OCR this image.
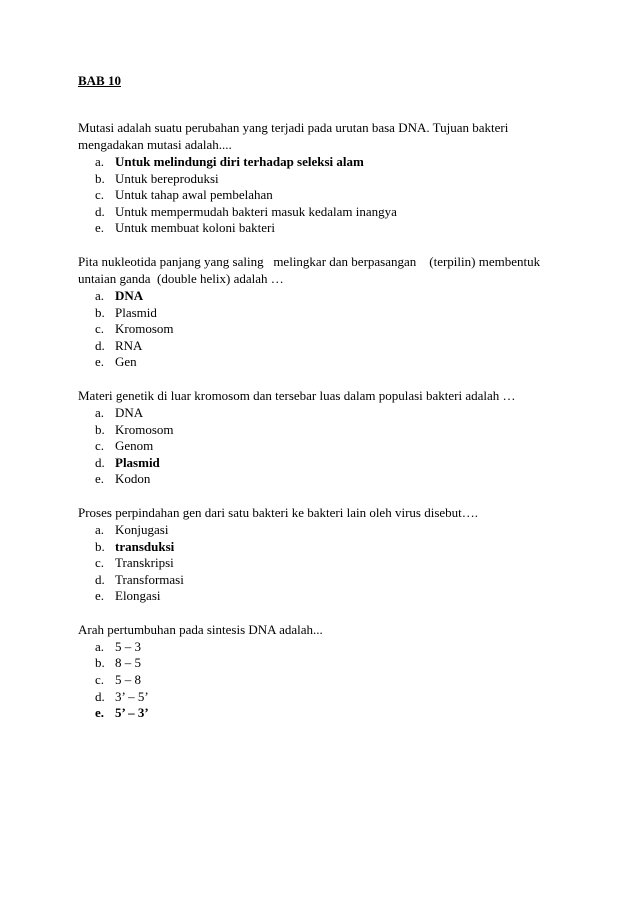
BAB 10
Mutasi adalah suatu perubahan yang terjadi pada urutan basa DNA. Tujuan bakteri
mengadakan mutasi adalah....
a. Untuk melindungi diri terhadap seleksi alam
b. Untuk bereproduksi
c. Untuk tahap awal pembelahan
d. Untuk mempermudah bakteri masuk kedalam inangya
e. Untuk membuat koloni bakteri
Pita nukleotida panjang yang saling   melingkar dan berpasangan    (terpilin) membentuk
untaian ganda  (double helix) adalah …
a. DNA
b. Plasmid
c. Kromosom
d. RNA
e. Gen
Materi genetik di luar kromosom dan tersebar luas dalam populasi bakteri adalah …
a. DNA
b. Kromosom
c. Genom
d. Plasmid
e. Kodon
Proses perpindahan gen dari satu bakteri ke bakteri lain oleh virus disebut….
a. Konjugasi
b. transduksi
c. Transkripsi
d. Transformasi
e. Elongasi
Arah pertumbuhan pada sintesis DNA adalah...
a. 5 – 3
b. 8 – 5
c. 5 – 8
d. 3’ – 5’
e. 5’ – 3’
